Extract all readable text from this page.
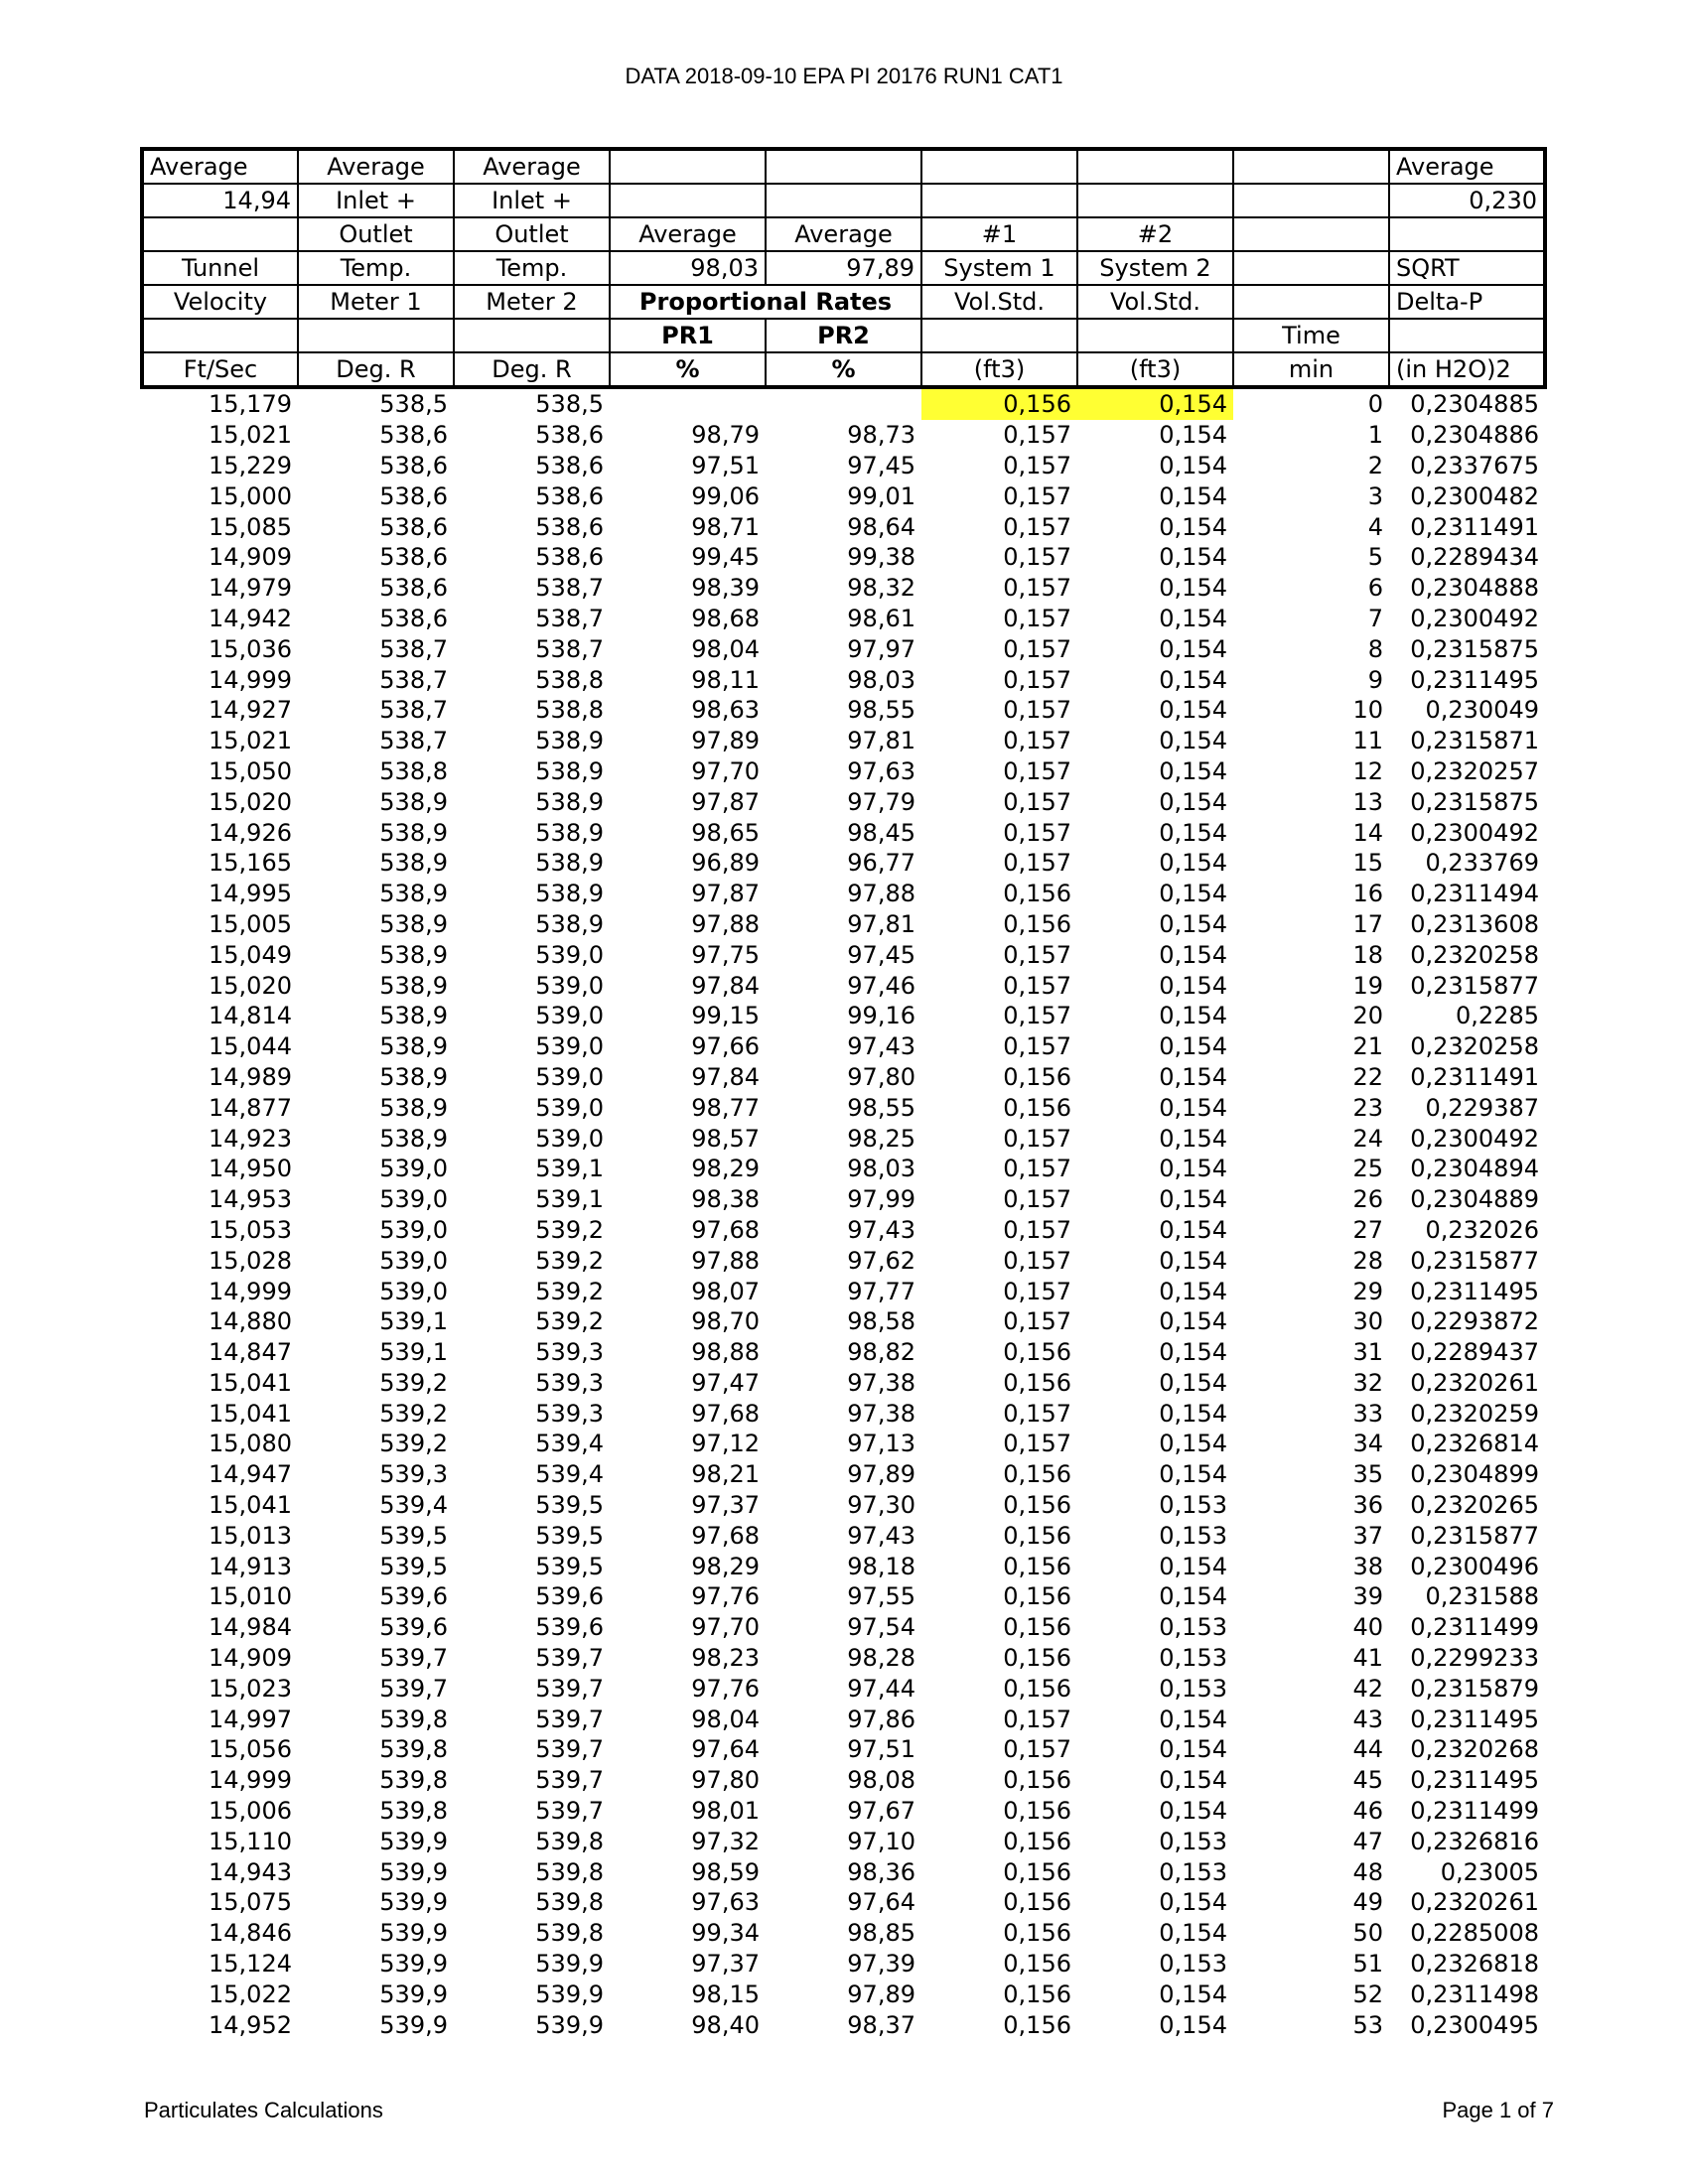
DATA 2018-09-10 EPA PI 20176 RUN1 CAT1
Average	Average	Average						Average
14,94	Inlet +	Inlet +						0,230
	Outlet	Outlet	Average	Average	#1	#2		
Tunnel	Temp.	Temp.	98,03	97,89	System 1	System 2		SQRT
Velocity	Meter 1	Meter 2	Proportional Rates		Vol.Std.	Vol.Std.		Delta-P
			PR1	PR2			Time	
Ft/Sec	Deg. R	Deg. R	%	%	(ft3)	(ft3)	min	(in H2O)2
15,179	538,5	538,5			0,156	0,154	0	0,2304885
15,021	538,6	538,6	98,79	98,73	0,157	0,154	1	0,2304886
15,229	538,6	538,6	97,51	97,45	0,157	0,154	2	0,2337675
15,000	538,6	538,6	99,06	99,01	0,157	0,154	3	0,2300482
15,085	538,6	538,6	98,71	98,64	0,157	0,154	4	0,2311491
14,909	538,6	538,6	99,45	99,38	0,157	0,154	5	0,2289434
14,979	538,6	538,7	98,39	98,32	0,157	0,154	6	0,2304888
14,942	538,6	538,7	98,68	98,61	0,157	0,154	7	0,2300492
15,036	538,7	538,7	98,04	97,97	0,157	0,154	8	0,2315875
14,999	538,7	538,8	98,11	98,03	0,157	0,154	9	0,2311495
14,927	538,7	538,8	98,63	98,55	0,157	0,154	10	0,230049
15,021	538,7	538,9	97,89	97,81	0,157	0,154	11	0,2315871
15,050	538,8	538,9	97,70	97,63	0,157	0,154	12	0,2320257
15,020	538,9	538,9	97,87	97,79	0,157	0,154	13	0,2315875
14,926	538,9	538,9	98,65	98,45	0,157	0,154	14	0,2300492
15,165	538,9	538,9	96,89	96,77	0,157	0,154	15	0,233769
14,995	538,9	538,9	97,87	97,88	0,156	0,154	16	0,2311494
15,005	538,9	538,9	97,88	97,81	0,156	0,154	17	0,2313608
15,049	538,9	539,0	97,75	97,45	0,157	0,154	18	0,2320258
15,020	538,9	539,0	97,84	97,46	0,157	0,154	19	0,2315877
14,814	538,9	539,0	99,15	99,16	0,157	0,154	20	0,2285
15,044	538,9	539,0	97,66	97,43	0,157	0,154	21	0,2320258
14,989	538,9	539,0	97,84	97,80	0,156	0,154	22	0,2311491
14,877	538,9	539,0	98,77	98,55	0,156	0,154	23	0,229387
14,923	538,9	539,0	98,57	98,25	0,157	0,154	24	0,2300492
14,950	539,0	539,1	98,29	98,03	0,157	0,154	25	0,2304894
14,953	539,0	539,1	98,38	97,99	0,157	0,154	26	0,2304889
15,053	539,0	539,2	97,68	97,43	0,157	0,154	27	0,232026
15,028	539,0	539,2	97,88	97,62	0,157	0,154	28	0,2315877
14,999	539,0	539,2	98,07	97,77	0,157	0,154	29	0,2311495
14,880	539,1	539,2	98,70	98,58	0,157	0,154	30	0,2293872
14,847	539,1	539,3	98,88	98,82	0,156	0,154	31	0,2289437
15,041	539,2	539,3	97,47	97,38	0,156	0,154	32	0,2320261
15,041	539,2	539,3	97,68	97,38	0,157	0,154	33	0,2320259
15,080	539,2	539,4	97,12	97,13	0,157	0,154	34	0,2326814
14,947	539,3	539,4	98,21	97,89	0,156	0,154	35	0,2304899
15,041	539,4	539,5	97,37	97,30	0,156	0,153	36	0,2320265
15,013	539,5	539,5	97,68	97,43	0,156	0,153	37	0,2315877
14,913	539,5	539,5	98,29	98,18	0,156	0,154	38	0,2300496
15,010	539,6	539,6	97,76	97,55	0,156	0,154	39	0,231588
14,984	539,6	539,6	97,70	97,54	0,156	0,153	40	0,2311499
14,909	539,7	539,7	98,23	98,28	0,156	0,153	41	0,2299233
15,023	539,7	539,7	97,76	97,44	0,156	0,153	42	0,2315879
14,997	539,8	539,7	98,04	97,86	0,157	0,154	43	0,2311495
15,056	539,8	539,7	97,64	97,51	0,157	0,154	44	0,2320268
14,999	539,8	539,7	97,80	98,08	0,156	0,154	45	0,2311495
15,006	539,8	539,7	98,01	97,67	0,156	0,154	46	0,2311499
15,110	539,9	539,8	97,32	97,10	0,156	0,153	47	0,2326816
14,943	539,9	539,8	98,59	98,36	0,156	0,153	48	0,23005
15,075	539,9	539,8	97,63	97,64	0,156	0,154	49	0,2320261
14,846	539,9	539,8	99,34	98,85	0,156	0,154	50	0,2285008
15,124	539,9	539,9	97,37	97,39	0,156	0,153	51	0,2326818
15,022	539,9	539,9	98,15	97,89	0,156	0,154	52	0,2311498
14,952	539,9	539,9	98,40	98,37	0,156	0,154	53	0,2300495
Particulates Calculations	Page 1 of 7
